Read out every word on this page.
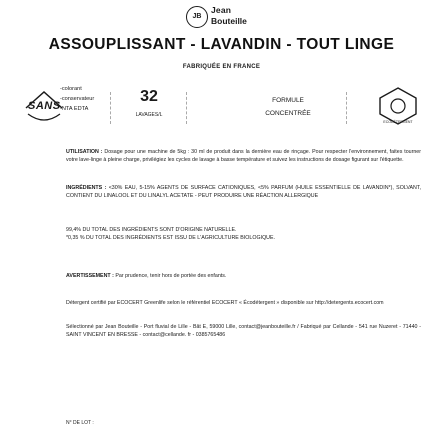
JB
Jean
Bouteille
ASSOUPLISSANT - LAVANDIN - TOUT LINGE
FABRIQUÉE EN FRANCE
SANS
-colorant
-conservateur
-NTA EDTA
32
LAVAGES/L
FORMULE
CONCENTRÉE
ECODÉTERGENT
UTILISATION : Dosage pour une machine de 5kg : 30 ml de produit dans la dernière eau de rinçage. Pour respecter l'environnement, faites tourner votre lave-linge à pleine charge, privilégiez les cycles de lavage à basse température et suivez les instructions de dosage figurant sur l'étiquette.
INGRÉDIENTS : <30% EAU, 5-15% AGENTS DE SURFACE CATIONIQUES, <5% PARFUM (HUILE ESSENTIELLE DE LAVANDIN*), SOLVANT, CONTIENT DU LINALOOL ET DU LINALYL ACETATE - PEUT PRODUIRE UNE RÉACTION ALLERGIQUE
99,4% DU TOTAL DES INGRÉDIENTS SONT D'ORIGINE NATURELLE.
*0,35 % DU TOTAL DES INGRÉDIENTS EST ISSU DE L'AGRICULTURE BIOLOGIQUE.
AVERTISSEMENT : Par prudence, tenir hors de portée des enfants.
Détergent certifié par ECOCERT Greenlife selon le référentiel ECOCERT « Écodétergent » disponible sur http://detergents.ecocert.com
Sélectionné par Jean Bouteille - Port fluvial de Lille - Bât E, 59000 Lille, contact@jeanbouteille.fr / Fabriqué par Cellande - 541 rue Nuzeret - 71440 - SAINT VINCENT EN BRESSE - contact@cellande. fr - 0385765486
N° DE LOT :
